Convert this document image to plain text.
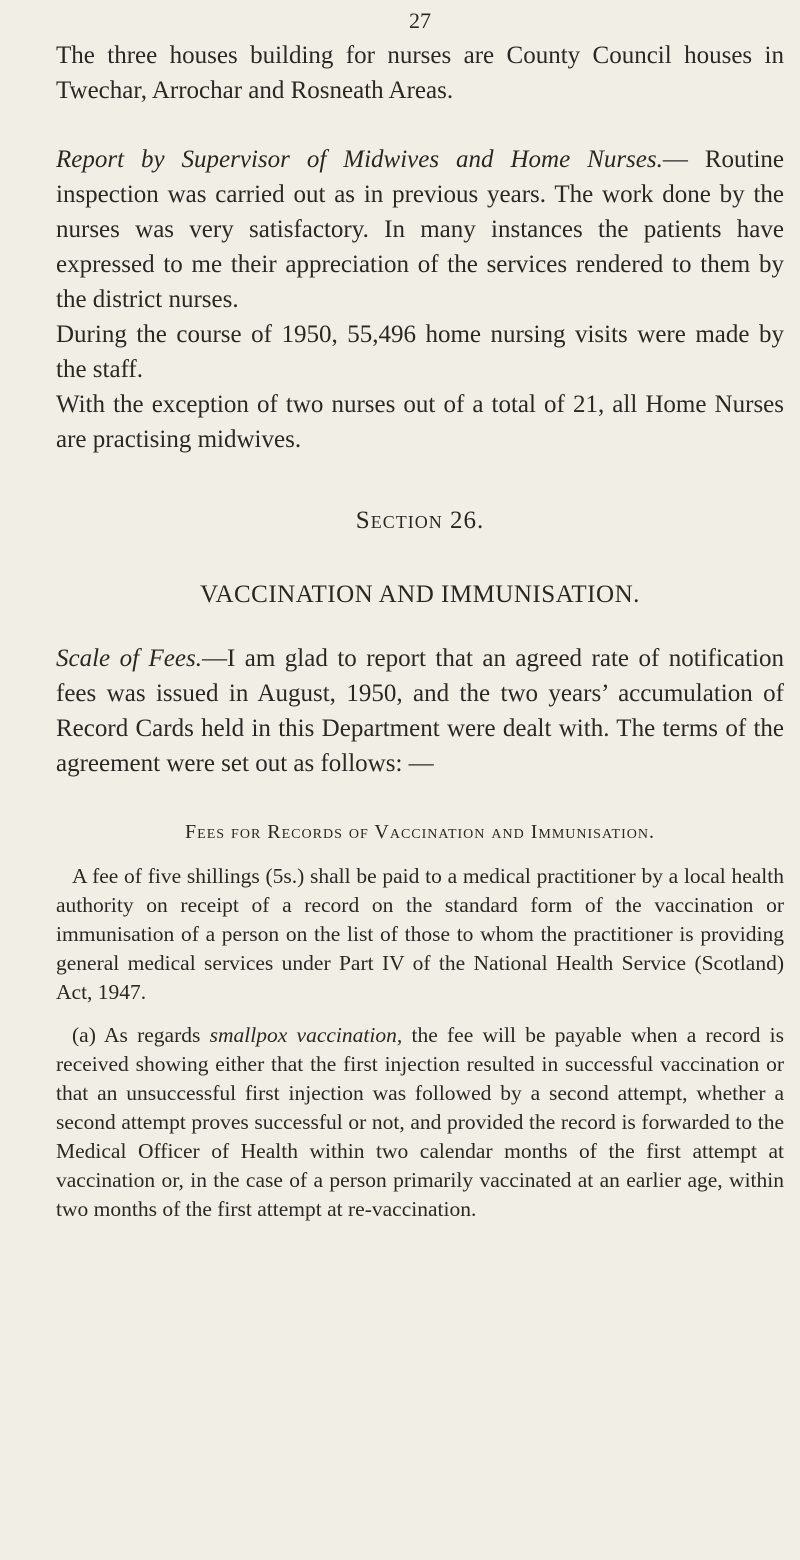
27

The three houses building for nurses are County Council houses in Twechar, Arrochar and Rosneath Areas.

Report by Supervisor of Midwives and Home Nurses.— Routine inspection was carried out as in previous years. The work done by the nurses was very satisfactory. In many instances the patients have expressed to me their appreciation of the services rendered to them by the district nurses.

During the course of 1950, 55,496 home nursing visits were made by the staff.

With the exception of two nurses out of a total of 21, all Home Nurses are practising midwives.

Section 26.
VACCINATION AND IMMUNISATION.

Scale of Fees.—I am glad to report that an agreed rate of notification fees was issued in August, 1950, and the two years’ accumulation of Record Cards held in this Department were dealt with. The terms of the agreement were set out as follows: —

Fees for Records of Vaccination and Immunisation.

A fee of five shillings (5s.) shall be paid to a medical practitioner by a local health authority on receipt of a record on the standard form of the vaccination or immunisation of a person on the list of those to whom the practitioner is providing general medical services under Part IV of the National Health Service (Scotland) Act, 1947.

(a) As regards smallpox vaccination, the fee will be payable when a record is received showing either that the first injection resulted in successful vaccination or that an unsuccessful first injection was followed by a second attempt, whether a second attempt proves successful or not, and provided the record is forwarded to the Medical Officer of Health within two calendar months of the first attempt at vaccination or, in the case of a person primarily vaccinated at an earlier age, within two months of the first attempt at re-vaccination.
